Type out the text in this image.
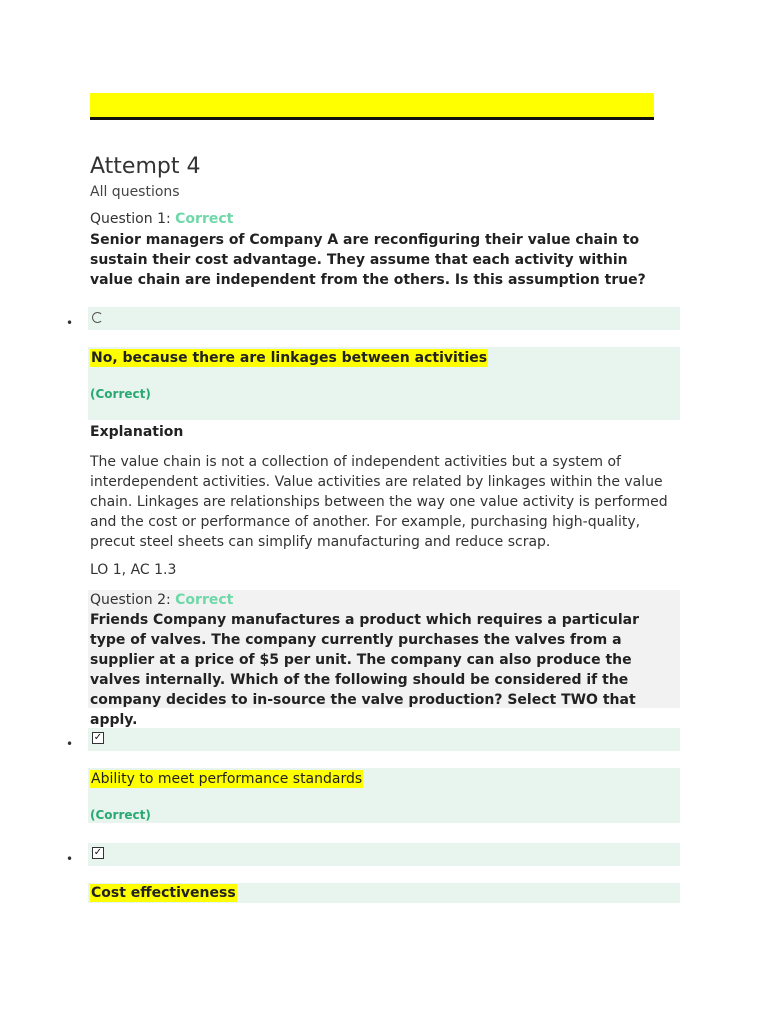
Attempt 4
All questions
Question 1: Correct
Senior managers of Company A are reconfiguring their value chain to sustain their cost advantage. They assume that each activity within value chain are independent from the others. Is this assumption true?
•
No, because there are linkages between activities
(Correct)
Explanation
The value chain is not a collection of independent activities but a system of interdependent activities. Value activities are related by linkages within the value chain. Linkages are relationships between the way one value activity is performed and the cost or performance of another. For example, purchasing high-quality, precut steel sheets can simplify manufacturing and reduce scrap.
LO 1, AC 1.3
Question 2: Correct
Friends Company manufactures a product which requires a particular type of valves. The company currently purchases the valves from a supplier at a price of $5 per unit. The company can also produce the valves internally. Which of the following should be considered if the company decides to in-source the valve production? Select TWO that apply.
• ✓
Ability to meet performance standards
(Correct)
• ✓
Cost effectiveness
